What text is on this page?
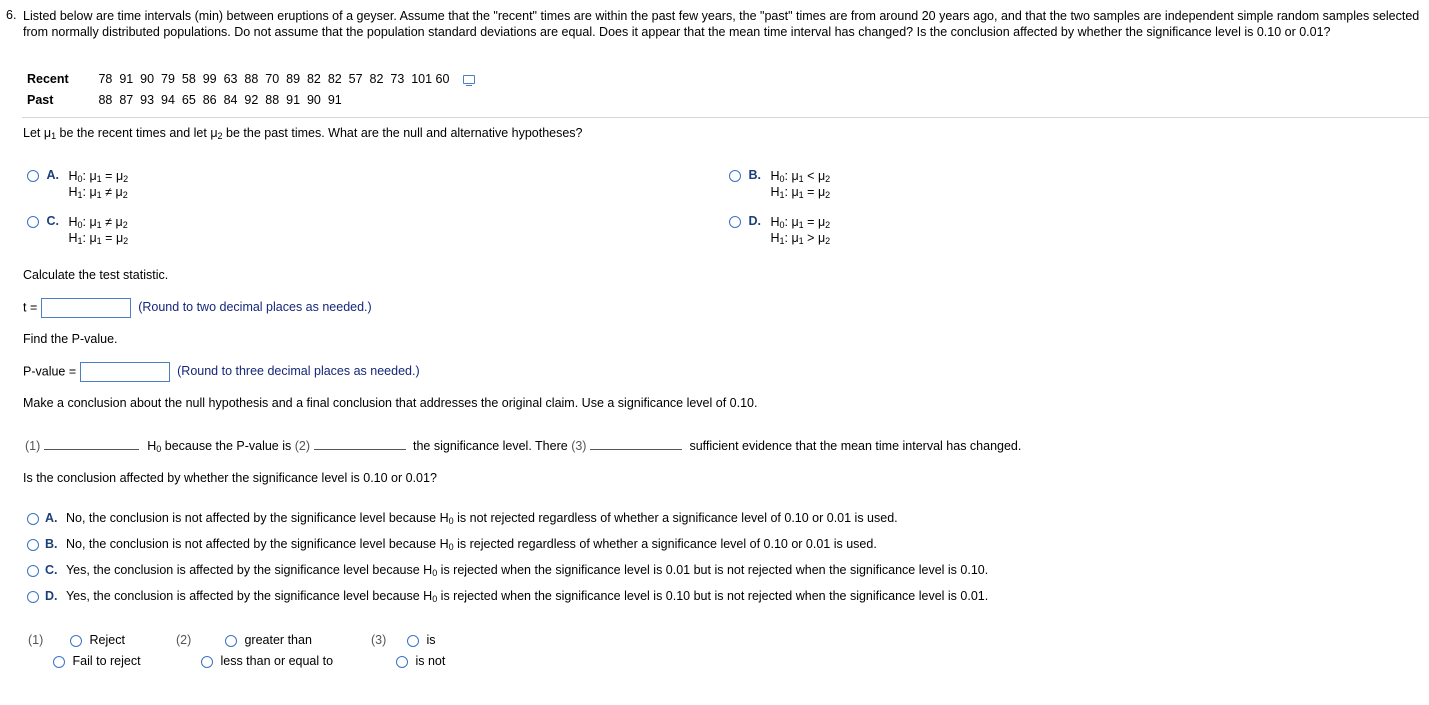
6. Listed below are time intervals (min) between eruptions of a geyser. Assume that the "recent" times are within the past few years, the "past" times are from around 20 years ago, and that the two samples are independent simple random samples selected from normally distributed populations. Do not assume that the population standard deviations are equal. Does it appear that the mean time interval has changed? Is the conclusion affected by whether the significance level is 0.10 or 0.01?
Recent 78  91  90  79  58  99  63  88  70  89  82  82  57  82  73  101 60
Past	88  87  93  94  65  86  84  92  88  91  90  91
Let $\mu_1$ be the recent times and let $\mu_2$ be the past times. What are the null and alternative hypotheses?
A. $H_0$: $\mu_1 = \mu_2$
$H_1$: $\mu_1 \ne \mu_2$
B. $H_0$: $\mu_1 < \mu_2$
$H_1$: $\mu_1 = \mu_2$
C. $H_0$: $\mu_1 \ne \mu_2$
$H_1$: $\mu_1 = \mu_2$
D. $H_0$: $\mu_1 = \mu_2$
$H_1$: $\mu_1 > \mu_2$
Calculate the test statistic.
t =	(Round to two decimal places as needed.)
Find the P-value.
P-value =	(Round to three decimal places as needed.)
Make a conclusion about the null hypothesis and a final conclusion that addresses the original claim. Use a significance level of 0.10.
(1)	$H_0$ because the P-value is (2)	the significance level. There (3)	sufficient evidence that the mean time interval has changed.
Is the conclusion affected by whether the significance level is 0.10 or 0.01?
A. No, the conclusion is not affected by the significance level because $H_0$ is not rejected regardless of whether a significance level of 0.10 or 0.01 is used.
B. No, the conclusion is not affected by the significance level because $H_0$ is rejected regardless of whether a significance level of 0.10 or 0.01 is used.
C. Yes, the conclusion is affected by the significance level because $H_0$ is rejected when the significance level is 0.01 but is not rejected when the significance level is 0.10.
D. Yes, the conclusion is affected by the significance level because $H_0$ is rejected when the significance level is 0.10 but is not rejected when the significance level is 0.01.
(1)	Reject
Fail to reject
(2)	greater than
less than or equal to
(3)	is
is not
